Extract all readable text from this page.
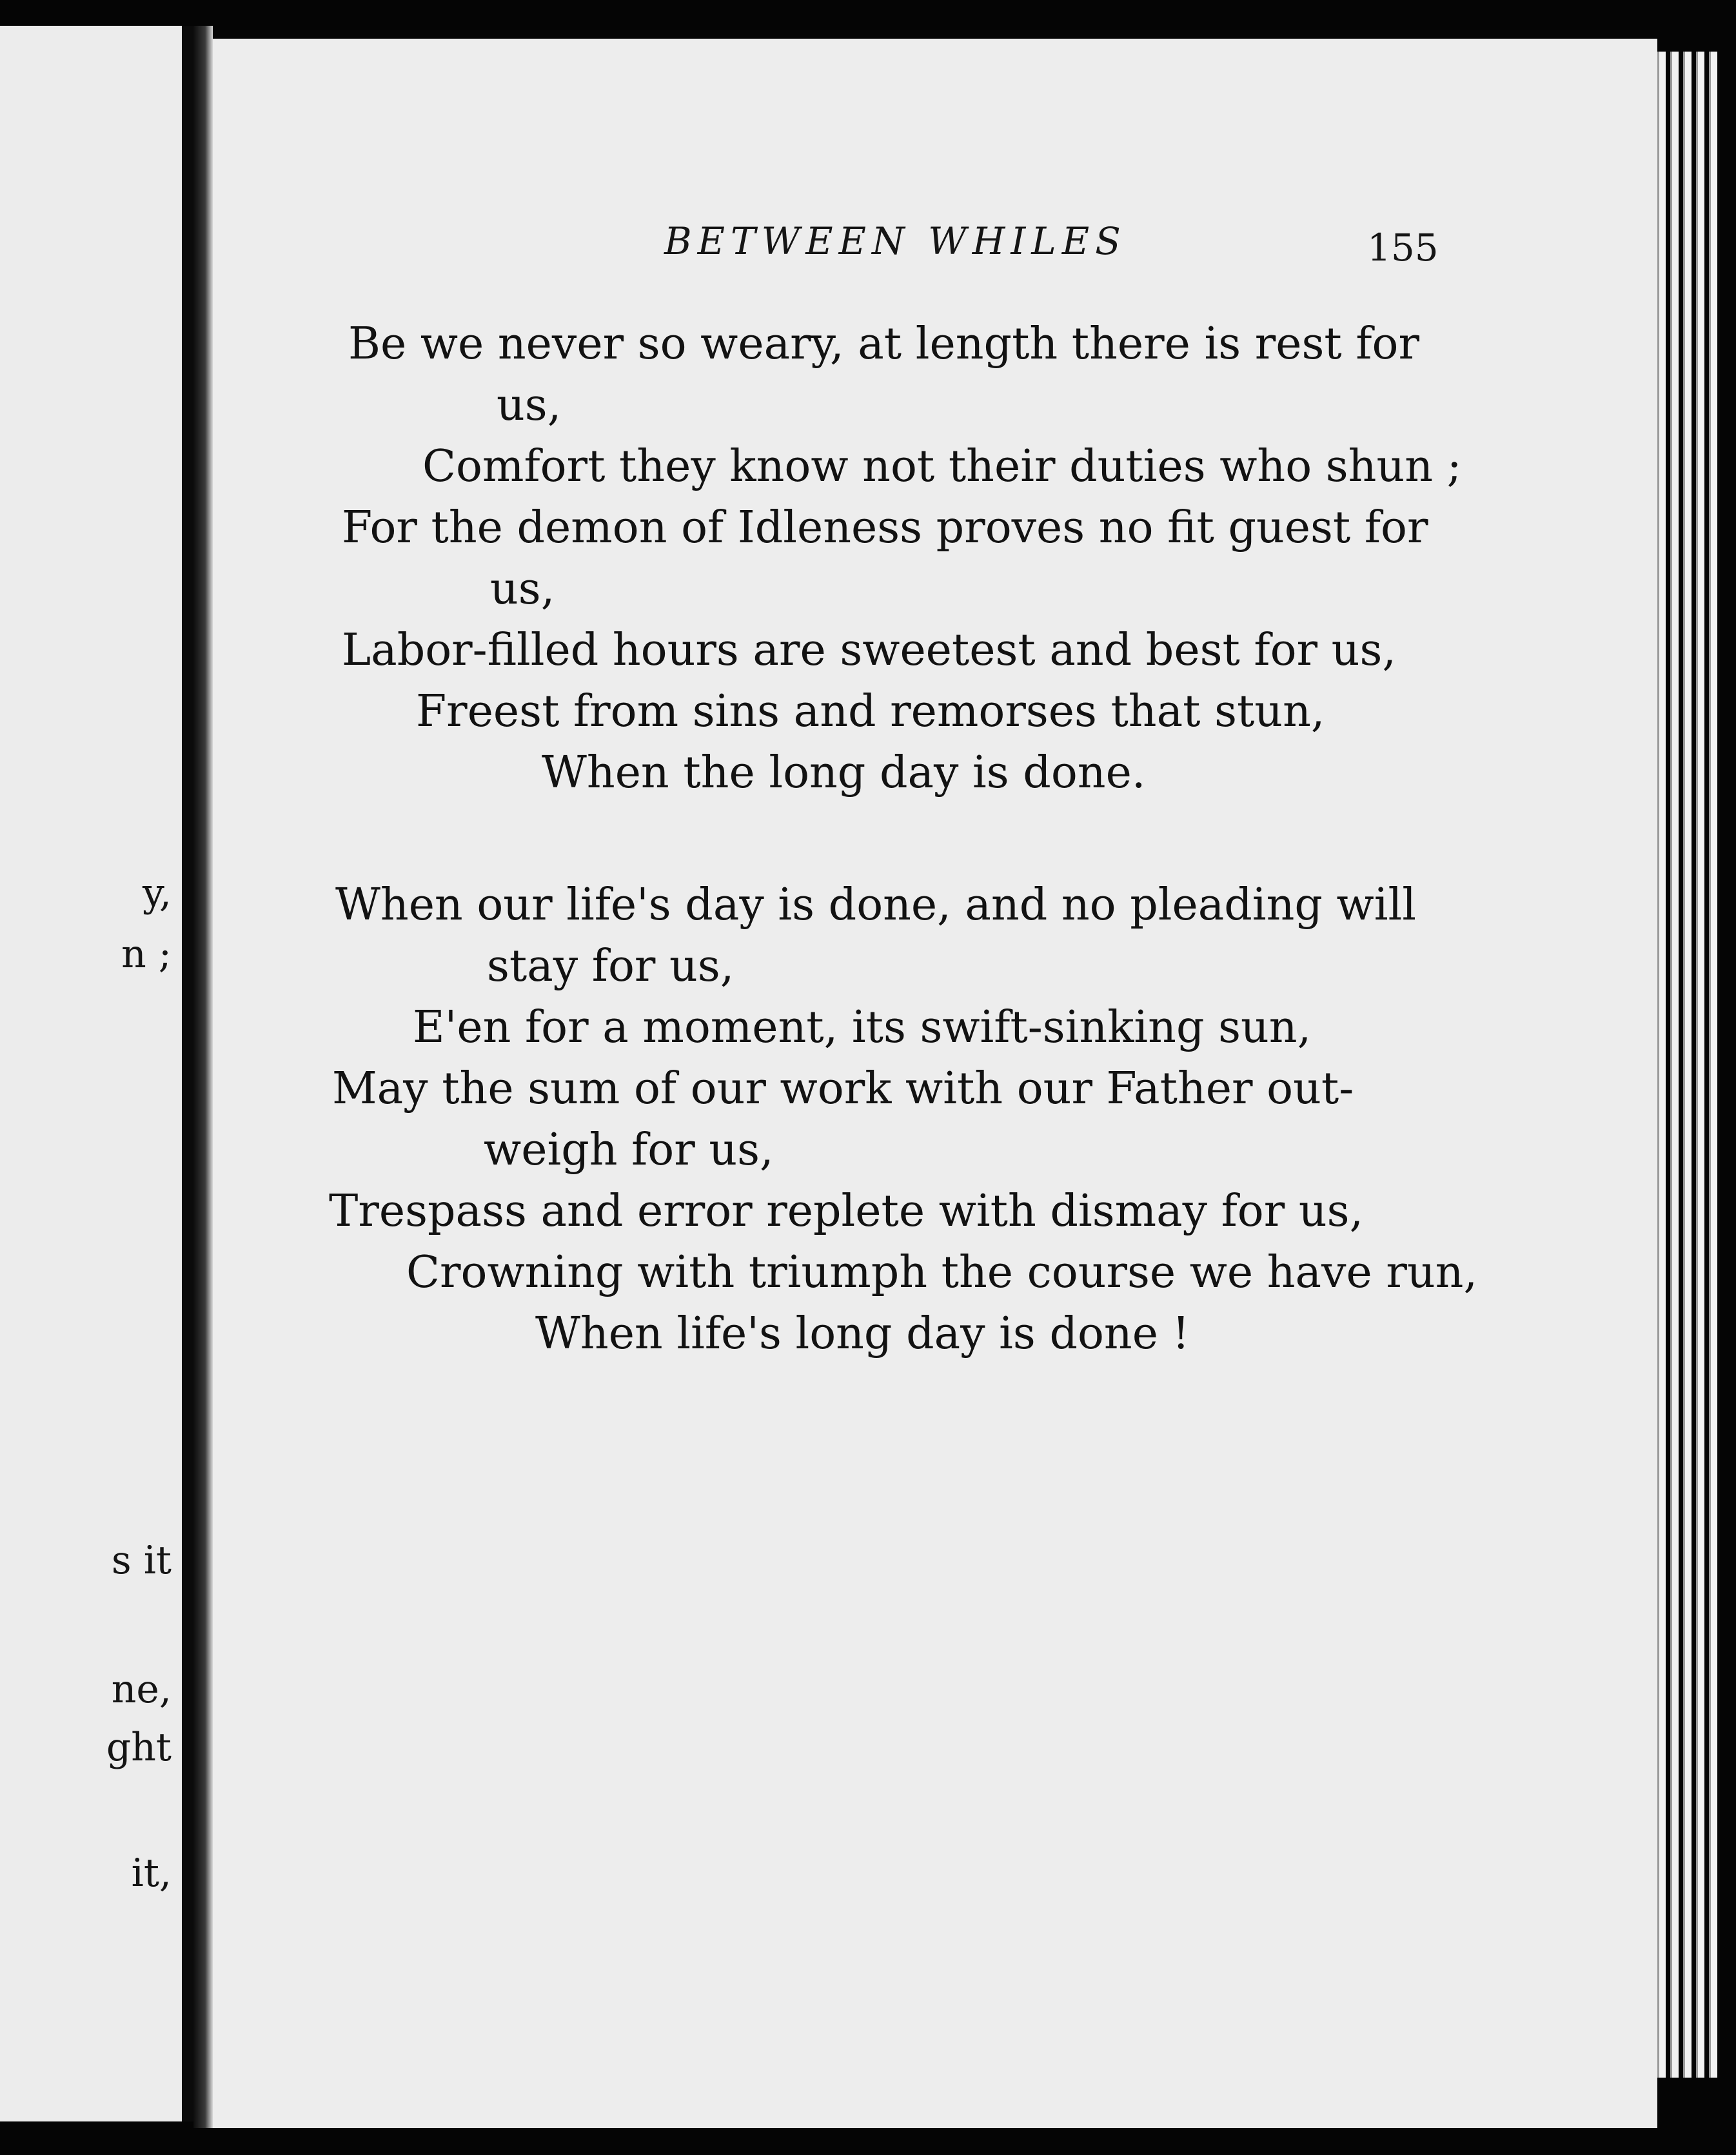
y,
n ;
s it
ne,
ght
it,
BETWEEN WHILES	155
Be we never so weary, at length there is rest for
us,
Comfort they know not their duties who shun ;
For the demon of Idleness proves no fit guest for
us,
Labor-filled hours are sweetest and best for us,
Freest from sins and remorses that stun,
When the long day is done.
When our life's day is done, and no pleading will
stay for us,
E'en for a moment, its swift-sinking sun,
May the sum of our work with our Father out-
weigh for us,
Trespass and error replete with dismay for us,
Crowning with triumph the course we have run,
When life's long day is done !
